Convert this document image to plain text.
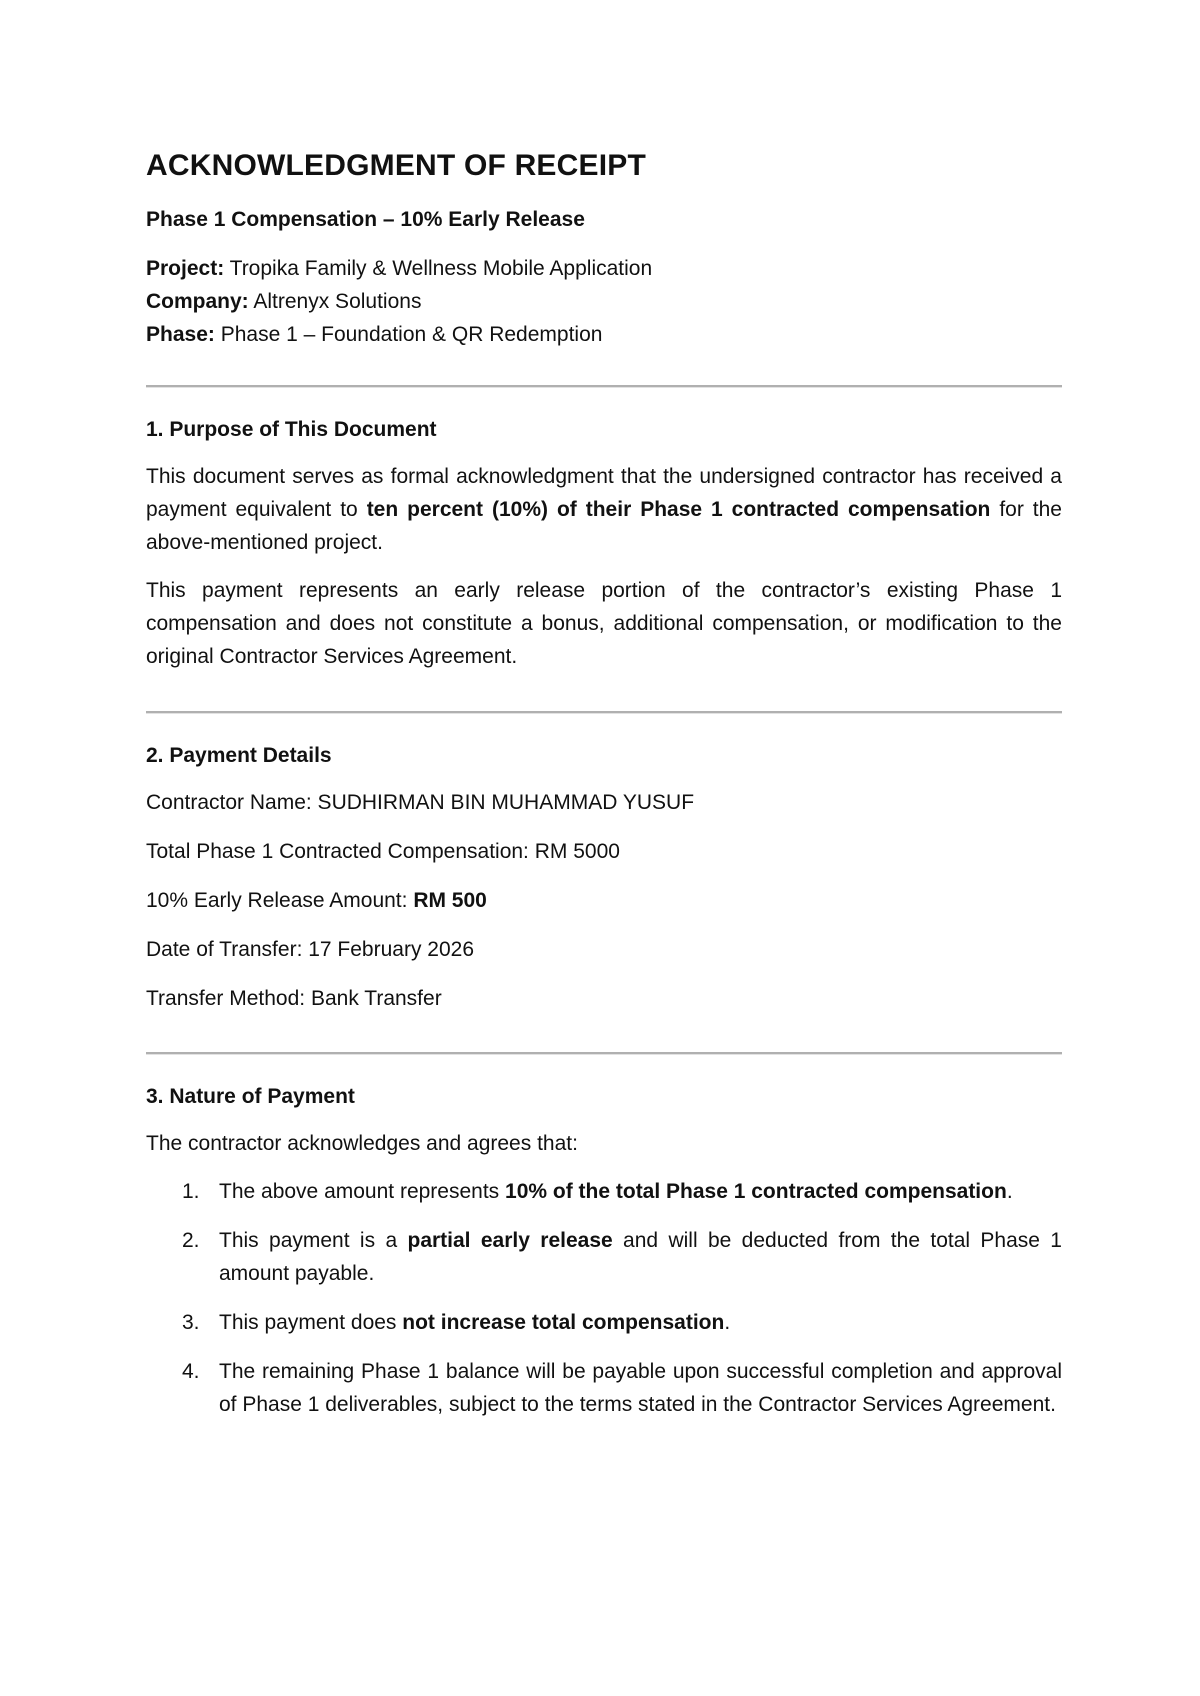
ACKNOWLEDGMENT OF RECEIPT

Phase 1 Compensation – 10% Early Release

Project: Tropika Family & Wellness Mobile Application
Company: Altrenyx Solutions
Phase: Phase 1 – Foundation & QR Redemption
1. Purpose of This Document

This document serves as formal acknowledgment that the undersigned contractor has received a payment equivalent to ten percent (10%) of their Phase 1 contracted compensation for the above-mentioned project.

This payment represents an early release portion of the contractor’s existing Phase 1 compensation and does not constitute a bonus, additional compensation, or modification to the original Contractor Services Agreement.

2. Payment Details

Contractor Name: SUDHIRMAN BIN MUHAMMAD YUSUF

Total Phase 1 Contracted Compensation: RM 5000

10% Early Release Amount: RM 500

Date of Transfer: 17 February 2026

Transfer Method: Bank Transfer

3. Nature of Payment

The contractor acknowledges and agrees that:

1. The above amount represents 10% of the total Phase 1 contracted compensation.
2. This payment is a partial early release and will be deducted from the total Phase 1 amount payable.
3. This payment does not increase total compensation.
4. The remaining Phase 1 balance will be payable upon successful completion and approval of Phase 1 deliverables, subject to the terms stated in the Contractor Services Agreement.
